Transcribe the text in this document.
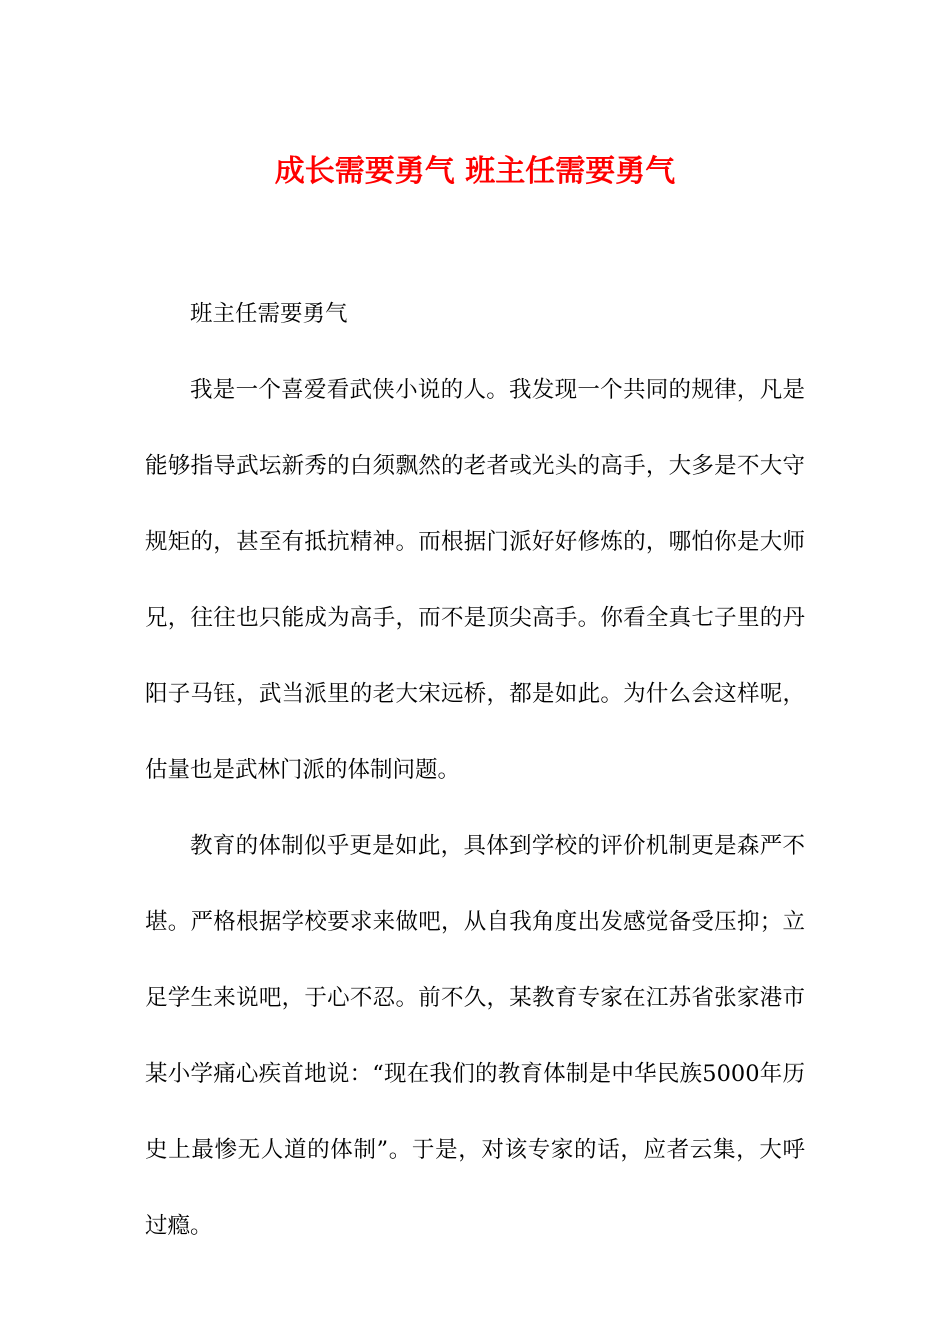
成长需要勇气 班主任需要勇气

班主任需要勇气

我是一个喜爱看武侠小说的人。我发现一个共同的规律，凡是能够指导武坛新秀的白须飘然的老者或光头的高手，大多是不大守规矩的，甚至有抵抗精神。而根据门派好好修炼的，哪怕你是大师兄，往往也只能成为高手，而不是顶尖高手。你看全真七子里的丹阳子马钰，武当派里的老大宋远桥，都是如此。为什么会这样呢，估量也是武林门派的体制问题。

教育的体制似乎更是如此，具体到学校的评价机制更是森严不堪。严格根据学校要求来做吧，从自我角度出发感觉备受压抑；立足学生来说吧，于心不忍。前不久，某教育专家在江苏省张家港市某小学痛心疾首地说：“现在我们的教育体制是中华民族5000年历史上最惨无人道的体制”。于是，对该专家的话，应者云集，大呼过瘾。
